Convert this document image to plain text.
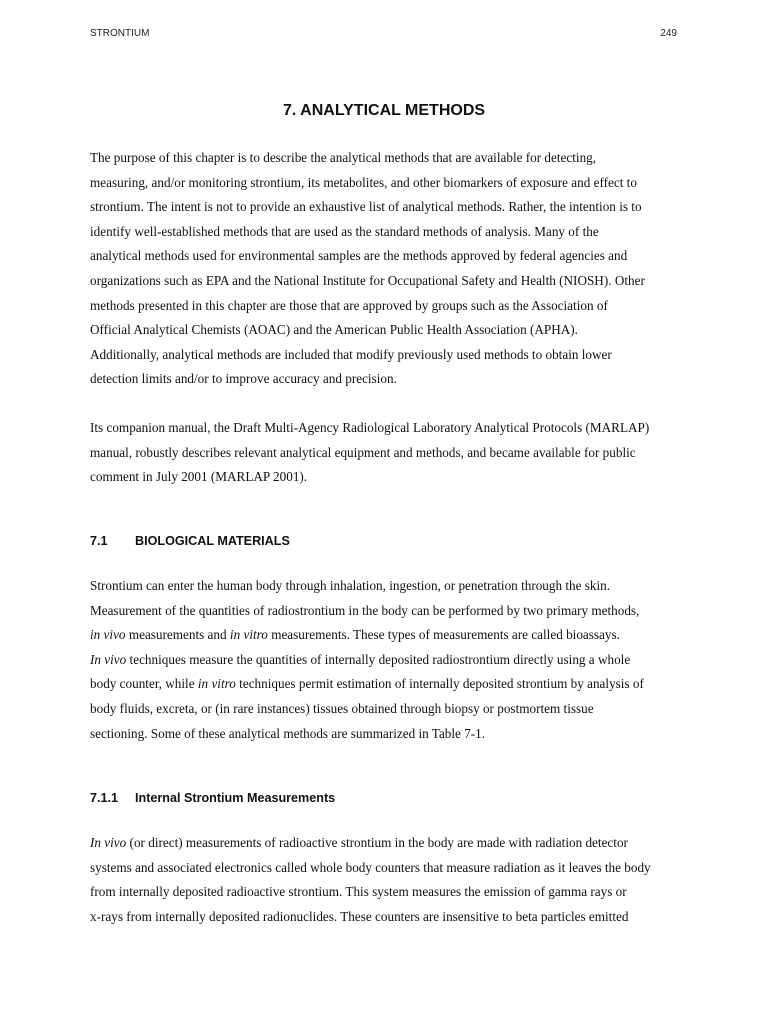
STRONTIUM	249
7. ANALYTICAL METHODS

The purpose of this chapter is to describe the analytical methods that are available for detecting,
measuring, and/or monitoring strontium, its metabolites, and other biomarkers of exposure and effect to
strontium. The intent is not to provide an exhaustive list of analytical methods. Rather, the intention is to
identify well-established methods that are used as the standard methods of analysis. Many of the
analytical methods used for environmental samples are the methods approved by federal agencies and
organizations such as EPA and the National Institute for Occupational Safety and Health (NIOSH). Other
methods presented in this chapter are those that are approved by groups such as the Association of
Official Analytical Chemists (AOAC) and the American Public Health Association (APHA).
Additionally, analytical methods are included that modify previously used methods to obtain lower
detection limits and/or to improve accuracy and precision.

Its companion manual, the Draft Multi-Agency Radiological Laboratory Analytical Protocols (MARLAP)
manual, robustly describes relevant analytical equipment and methods, and became available for public
comment in July 2001 (MARLAP 2001).

7.1 BIOLOGICAL MATERIALS

Strontium can enter the human body through inhalation, ingestion, or penetration through the skin.
Measurement of the quantities of radiostrontium in the body can be performed by two primary methods,
in vivo measurements and in vitro measurements. These types of measurements are called bioassays.
In vivo techniques measure the quantities of internally deposited radiostrontium directly using a whole
body counter, while in vitro techniques permit estimation of internally deposited strontium by analysis of
body fluids, excreta, or (in rare instances) tissues obtained through biopsy or postmortem tissue
sectioning. Some of these analytical methods are summarized in Table 7-1.

7.1.1 Internal Strontium Measurements

In vivo (or direct) measurements of radioactive strontium in the body are made with radiation detector
systems and associated electronics called whole body counters that measure radiation as it leaves the body
from internally deposited radioactive strontium. This system measures the emission of gamma rays or
x-rays from internally deposited radionuclides. These counters are insensitive to beta particles emitted
